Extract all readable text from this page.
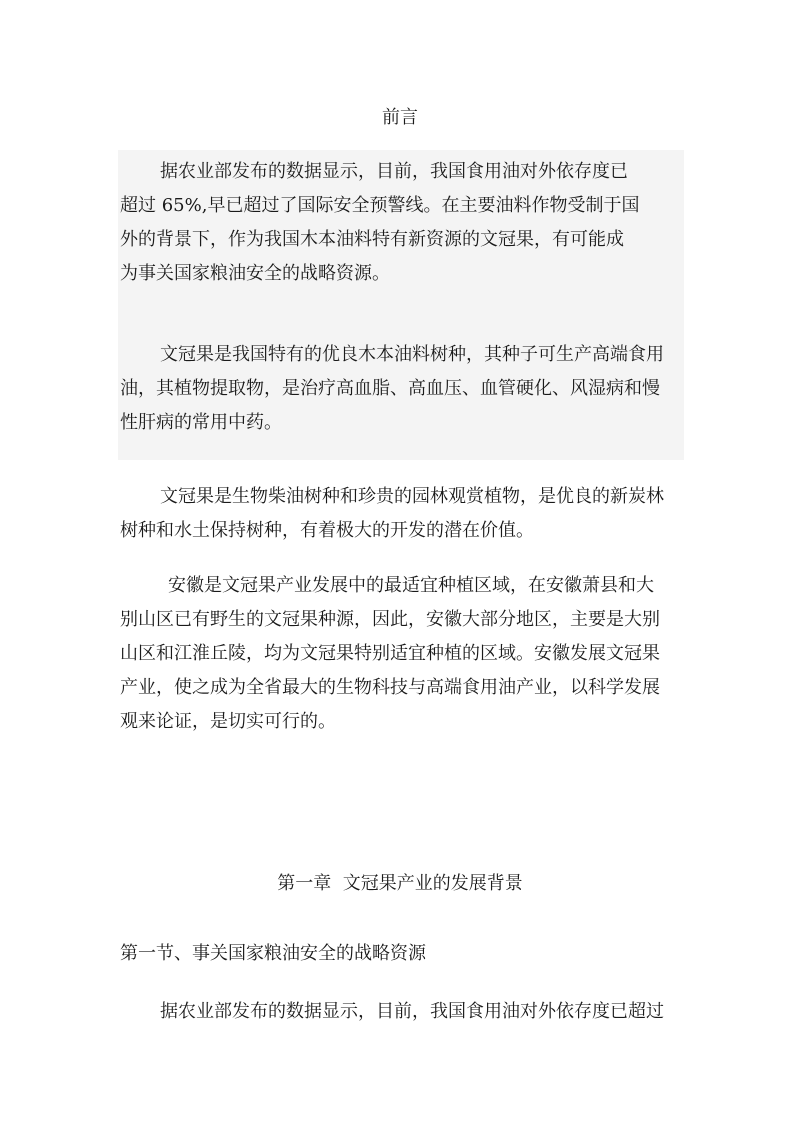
前言
据农业部发布的数据显示，目前，我国食用油对外依存度已
超过 65%,早已超过了国际安全预警线。在主要油料作物受制于国
外的背景下，作为我国木本油料特有新资源的文冠果，有可能成
为事关国家粮油安全的战略资源。
文冠果是我国特有的优良木本油料树种，其种子可生产高端食用
油，其植物提取物，是治疗高血脂、高血压、血管硬化、风湿病和慢
性肝病的常用中药。
文冠果是生物柴油树种和珍贵的园林观赏植物，是优良的新炭林
树种和水土保持树种，有着极大的开发的潜在价值。
安徽是文冠果产业发展中的最适宜种植区域，在安徽萧县和大
别山区已有野生的文冠果种源，因此，安徽大部分地区，主要是大别
山区和江淮丘陵，均为文冠果特别适宜种植的区域。安徽发展文冠果
产业，使之成为全省最大的生物科技与高端食用油产业，以科学发展
观来论证，是切实可行的。
第一章  文冠果产业的发展背景
第一节、事关国家粮油安全的战略资源
据农业部发布的数据显示，目前，我国食用油对外依存度已超过
